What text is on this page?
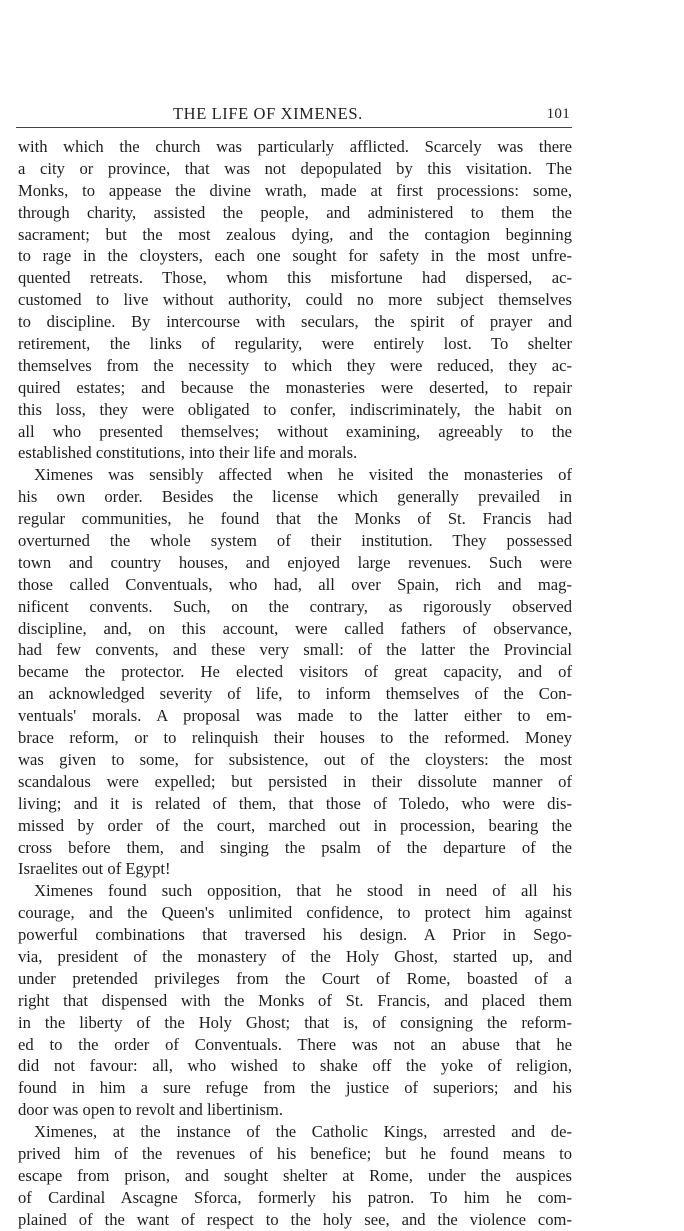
THE LIFE OF XIMENES.	101
with which the church was particularly afflicted. Scarcely was there
a city or province, that was not depopulated by this visitation. The
Monks, to appease the divine wrath, made at first processions: some,
through charity, assisted the people, and administered to them the
sacrament; but the most zealous dying, and the contagion beginning
to rage in the cloysters, each one sought for safety in the most unfre-
quented retreats. Those, whom this misfortune had dispersed, ac-
customed to live without authority, could no more subject themselves
to discipline. By intercourse with seculars, the spirit of prayer and
retirement, the links of regularity, were entirely lost. To shelter
themselves from the necessity to which they were reduced, they ac-
quired estates; and because the monasteries were deserted, to repair
this loss, they were obligated to confer, indiscriminately, the habit on
all who presented themselves; without examining, agreeably to the
established constitutions, into their life and morals.
Ximenes was sensibly affected when he visited the monasteries of
his own order. Besides the license which generally prevailed in
regular communities, he found that the Monks of St. Francis had
overturned the whole system of their institution. They possessed
town and country houses, and enjoyed large revenues. Such were
those called Conventuals, who had, all over Spain, rich and mag-
nificent convents. Such, on the contrary, as rigorously observed
discipline, and, on this account, were called fathers of observance,
had few convents, and these very small: of the latter the Provincial
became the protector. He elected visitors of great capacity, and of
an acknowledged severity of life, to inform themselves of the Con-
ventuals' morals. A proposal was made to the latter either to em-
brace reform, or to relinquish their houses to the reformed. Money
was given to some, for subsistence, out of the cloysters: the most
scandalous were expelled; but persisted in their dissolute manner of
living; and it is related of them, that those of Toledo, who were dis-
missed by order of the court, marched out in procession, bearing the
cross before them, and singing the psalm of the departure of the
Israelites out of Egypt!
Ximenes found such opposition, that he stood in need of all his
courage, and the Queen's unlimited confidence, to protect him against
powerful combinations that traversed his design. A Prior in Sego-
via, president of the monastery of the Holy Ghost, started up, and
under pretended privileges from the Court of Rome, boasted of a
right that dispensed with the Monks of St. Francis, and placed them
in the liberty of the Holy Ghost; that is, of consigning the reform-
ed to the order of Conventuals. There was not an abuse that he
did not favour: all, who wished to shake off the yoke of religion,
found in him a sure refuge from the justice of superiors; and his
door was open to revolt and libertinism.
Ximenes, at the instance of the Catholic Kings, arrested and de-
prived him of the revenues of his benefice; but he found means to
escape from prison, and sought shelter at Rome, under the auspices
of Cardinal Ascagne Sforca, formerly his patron. To him he com-
plained of the want of respect to the holy see, and the violence com-
